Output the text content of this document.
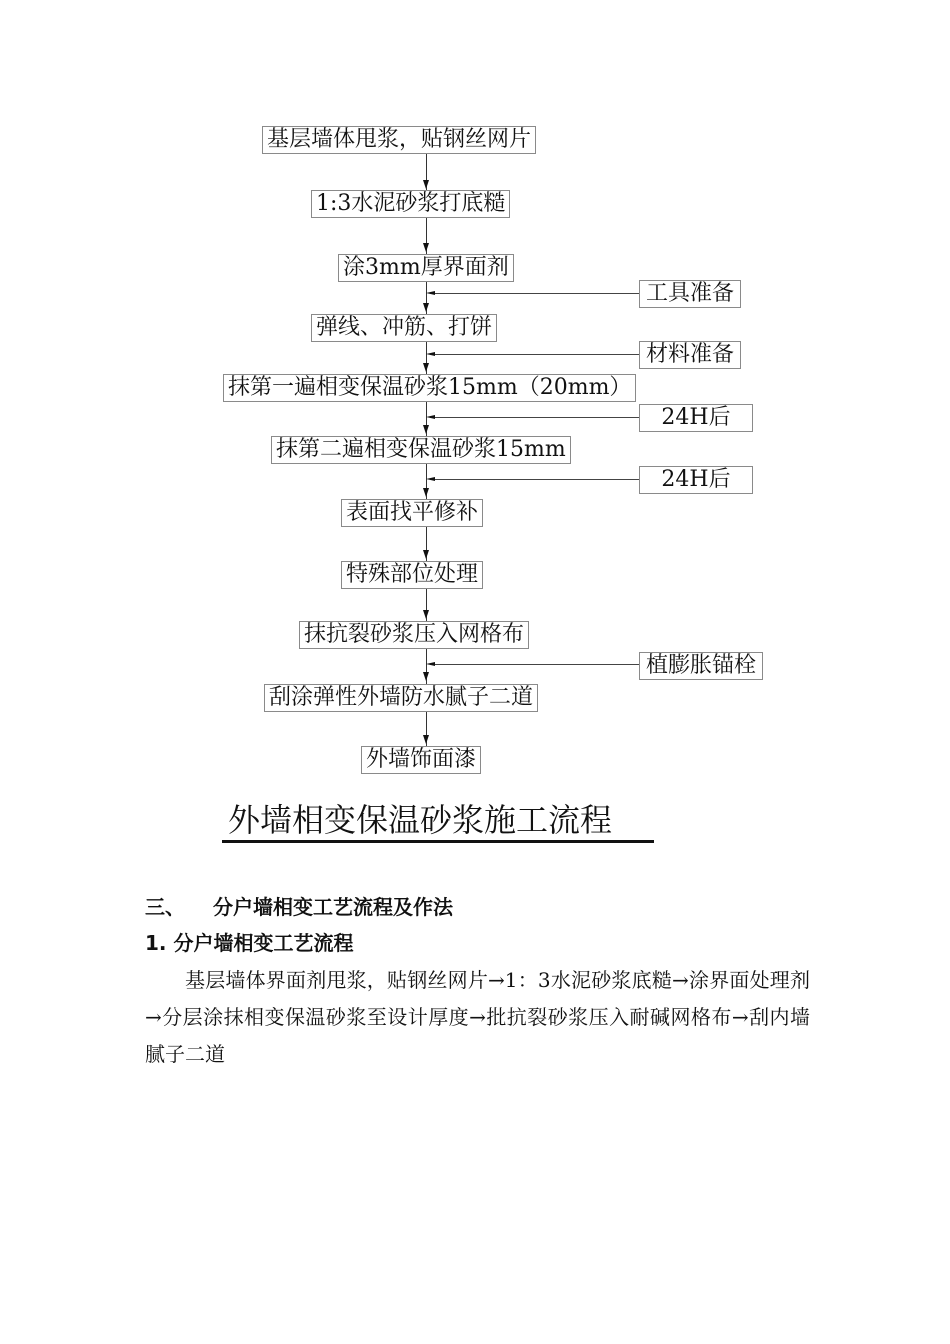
基层墙体甩浆，贴钢丝网片
1:3水泥砂浆打底糙
涂3mm厚界面剂
弹线、冲筋、打饼
抹第一遍相变保温砂浆15mm（20mm）
抹第二遍相变保温砂浆15mm
表面找平修补
特殊部位处理
抹抗裂砂浆压入网格布
刮涂弹性外墙防水腻子二道
外墙饰面漆
工具准备
材料准备
24H后
24H后
植膨胀锚栓
外墙相变保温砂浆施工流程
三、 分户墙相变工艺流程及作法
1. 分户墙相变工艺流程
基层墙体界面剂甩浆，贴钢丝网片→1：3水泥砂浆底糙→涂界面处理剂→分层涂抹相变保温砂浆至设计厚度→批抗裂砂浆压入耐碱网格布→刮内墙腻子二道
